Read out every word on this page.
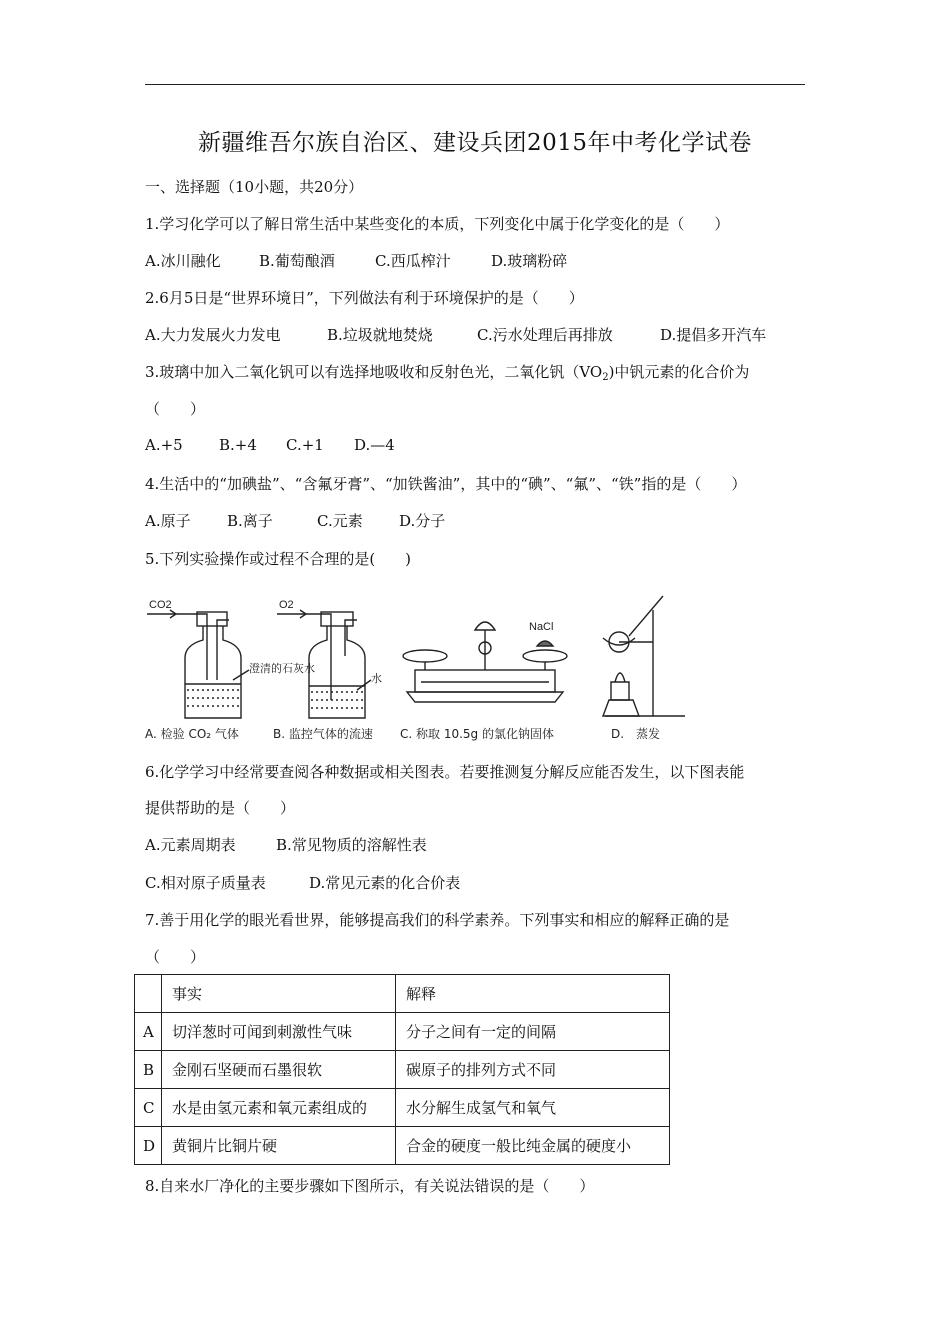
新疆维吾尔族自治区、建设兵团2015年中考化学试卷
一、选择题（10小题，共20分）
1.学习化学可以了解日常生活中某些变化的本质，下列变化中属于化学变化的是（　　）
A.冰川融化	B.葡萄酿酒	C.西瓜榨汁	D.玻璃粉碎
2.6月5日是“世界环境日”，下列做法有利于环境保护的是（　　）
A.大力发展火力发电	B.垃圾就地焚烧	C.污水处理后再排放	D.提倡多开汽车
3.玻璃中加入二氧化钒可以有选择地吸收和反射色光，二氧化钒$(VO_2)$中钒元素的化合价为
（　　）
A.+5 B.+4 C.+1 D.—4
4.生活中的“加碘盐”、“含氟牙膏”、“加铁酱油”，其中的“碘”、“氟”、“铁”指的是（　　）
A.原子 B.离子	C.元素 D.分子
5.下列实验操作或过程不合理的是(　　)
CO2
澄清的石灰水
O2
水
NaCl
A. 检验 CO₂ 气体	B. 监控气体的流速 C. 称取 10.5g 的氯化钠固体	D.　蒸发
6.化学学习中经常要查阅各种数据或相关图表。若要推测复分解反应能否发生，以下图表能
提供帮助的是（　　）
A.元素周期表	B.常见物质的溶解性表
C.相对原子质量表	D.常见元素的化合价表
7.善于用化学的眼光看世界，能够提高我们的科学素养。下列事实和相应的解释正确的是
（　　）
	事实	解释
A	切洋葱时可闻到刺激性气味	分子之间有一定的间隔
B	金刚石坚硬而石墨很软	碳原子的排列方式不同
C	水是由氢元素和氧元素组成的	水分解生成氢气和氧气
D	黄铜片比铜片硬	合金的硬度一般比纯金属的硬度小
8.自来水厂净化的主要步骤如下图所示，有关说法错误的是（　　）
